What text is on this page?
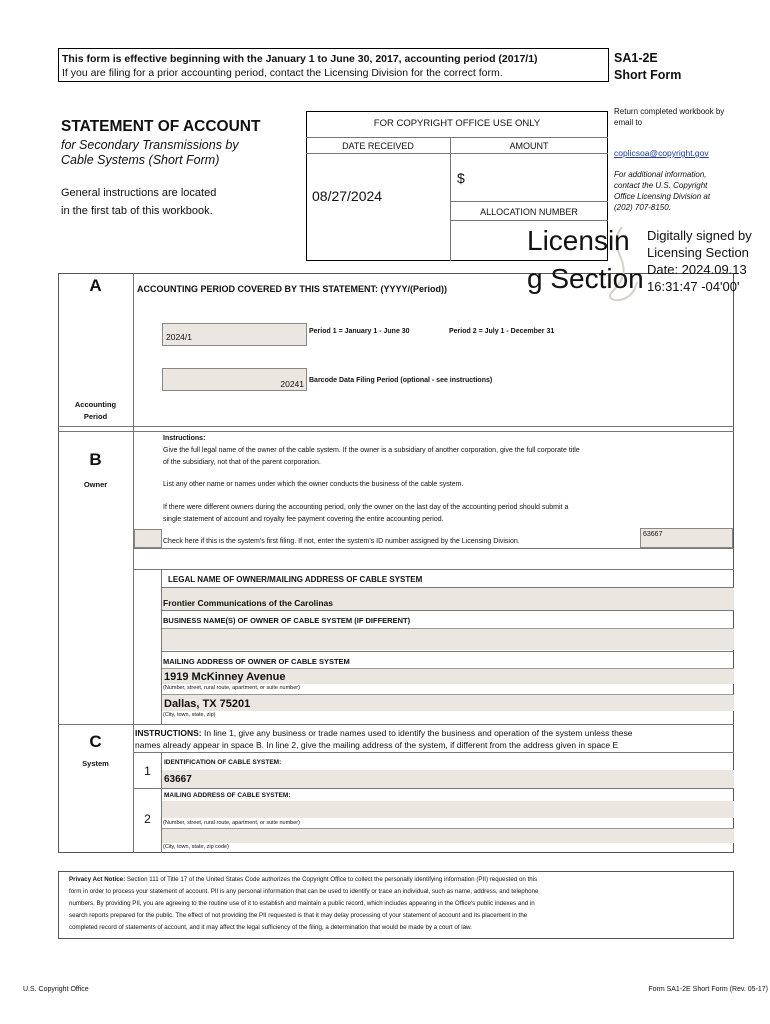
This form is effective beginning with the January 1 to June 30, 2017, accounting period (2017/1)
If you are filing for a prior accounting period, contact the Licensing Division for the correct form.
SA1-2E
Short Form
STATEMENT OF ACCOUNT
for Secondary Transmissions by
Cable Systems (Short Form)
General instructions are located
in the first tab of this workbook.
FOR COPYRIGHT OFFICE USE ONLY
DATE RECEIVED	AMOUNT
08/27/2024
$
ALLOCATION NUMBER
Return completed workbook by
email to
coplicsoa@copyright.gov
For additional information,
contact the U.S. Copyright
Office Licensing Division at
(202) 707-8150.
A	ACCOUNTING PERIOD COVERED BY THIS STATEMENT: (YYYY/(Period))
2024/1
Period 1 = January 1 - June 30	Period 2 = July 1 - December 31
20241 Barcode Data Filing Period (optional - see instructions)
Accounting
Period
B
Owner
Instructions:
Give the full legal name of the owner of the cable system. If the owner is a subsidiary of another corporation, give the full corporate title
of the subsidiary, not that of the parent corporation.
List any other name or names under which the owner conducts the business of the cable system.
If there were different owners during the accounting period, only the owner on the last day of the accounting period should submit a
single statement of account and royalty fee payment covering the entire accounting period.
Check here if this is the system's first filing. If not, enter the system's ID number assigned by the Licensing Division.
63667
LEGAL NAME OF OWNER/MAILING ADDRESS OF CABLE SYSTEM
Frontier Communications of the Carolinas
BUSINESS NAME(S) OF OWNER OF CABLE SYSTEM (IF DIFFERENT)
MAILING ADDRESS OF OWNER OF CABLE SYSTEM
1919 McKinney Avenue
(Number, street, rural route, apartment, or suite number)
Dallas, TX 75201
(City, town, state, zip)
C
System
INSTRUCTIONS: In line 1, give any business or trade names used to identify the business and operation of the system unless these
names already appear in space B. In line 2, give the mailing address of the system, if different from the address given in space E
1
IDENTIFICATION OF CABLE SYSTEM:
63667
MAILING ADDRESS OF CABLE SYSTEM:
2	(Number, street, rural route, apartment, or suite number)
(City, town, state, zip code)
Licensin
g Section
Digitally signed by
Licensing Section
Date: 2024.09.13
16:31:47 -04'00'
Privacy Act Notice: Section 111 of Title 17 of the United States Code authorizes the Copyright Office to collect the personally identifying information (PII) requested on this
form in order to process your statement of account. PII is any personal information that can be used to identify or trace an individual, such as name, address, and telephone
numbers. By providing PII, you are agreeing to the routine use of it to establish and maintain a public record, which includes appearing in the Office's public indexes and in
search reports prepared for the public. The effect of not providing the PII requested is that it may delay processing of your statement of account and its placement in the
completed record of statements of account, and it may affect the legal sufficiency of the filing, a determination that would be made by a court of law.
U.S. Copyright Office	Form SA1-2E Short Form (Rev. 05-17)
